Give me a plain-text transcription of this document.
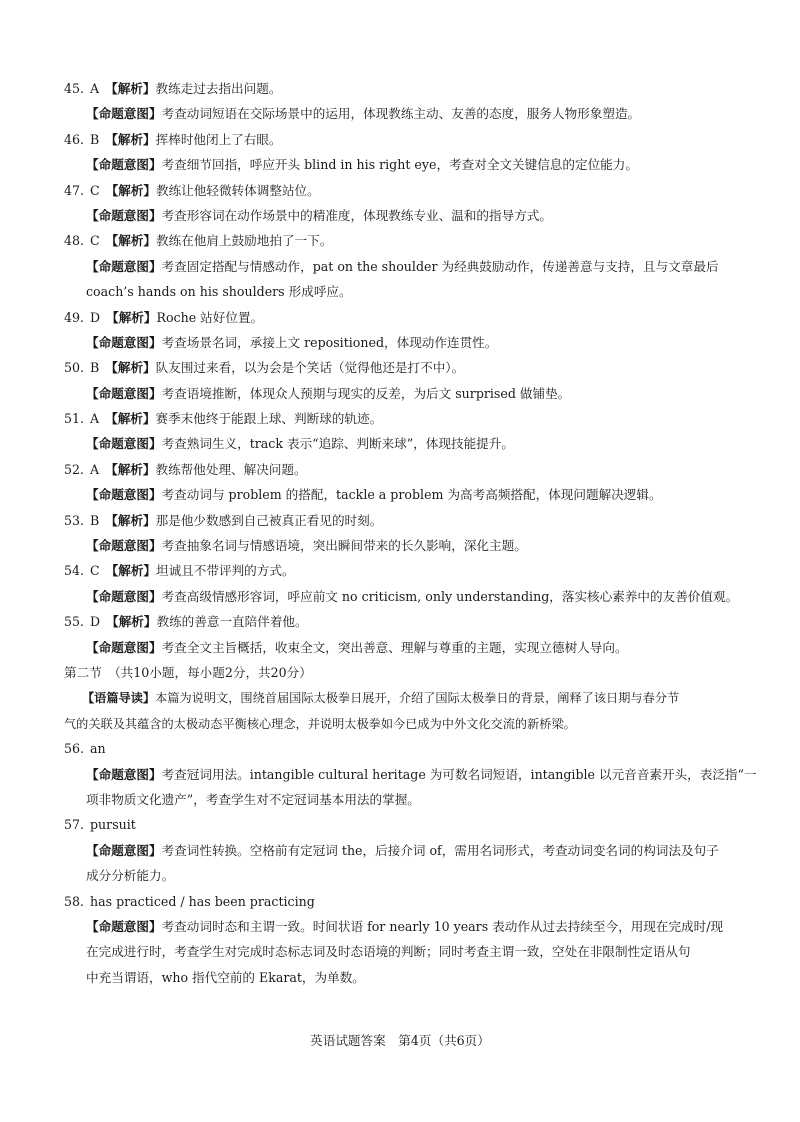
45. A 【解析】教练走过去指出问题。
【命题意图】考查动词短语在交际场景中的运用，体现教练主动、友善的态度，服务人物形象塑造。
46. B 【解析】挥棒时他闭上了右眼。
【命题意图】考查细节回指，呼应开头 blind in his right eye，考查对全文关键信息的定位能力。
47. C 【解析】教练让他轻微转体调整站位。
【命题意图】考查形容词在动作场景中的精准度，体现教练专业、温和的指导方式。
48. C 【解析】教练在他肩上鼓励地拍了一下。
【命题意图】考查固定搭配与情感动作，pat on the shoulder 为经典鼓励动作，传递善意与支持，且与文章最后
coach’s hands on his shoulders 形成呼应。
49. D 【解析】Roche 站好位置。
【命题意图】考查场景名词，承接上文 repositioned，体现动作连贯性。
50. B 【解析】队友围过来看，以为会是个笑话（觉得他还是打不中）。
【命题意图】考查语境推断，体现众人预期与现实的反差，为后文 surprised 做铺垫。
51. A 【解析】赛季末他终于能跟上球、判断球的轨迹。
【命题意图】考查熟词生义，track 表示“追踪、判断来球”，体现技能提升。
52. A 【解析】教练帮他处理、解决问题。
【命题意图】考查动词与 problem 的搭配，tackle a problem 为高考高频搭配，体现问题解决逻辑。
53. B 【解析】那是他少数感到自己被真正看见的时刻。
【命题意图】考查抽象名词与情感语境，突出瞬间带来的长久影响，深化主题。
54. C 【解析】坦诚且不带评判的方式。
【命题意图】考查高级情感形容词，呼应前文 no criticism, only understanding，落实核心素养中的友善价值观。
55. D 【解析】教练的善意一直陪伴着他。
【命题意图】考查全文主旨概括，收束全文，突出善意、理解与尊重的主题，实现立德树人导向。
第二节　（共10小题，每小题2分，共20分）
【语篇导读】本篇为说明文，围绕首届国际太极拳日展开，介绍了国际太极拳日的背景，阐释了该日期与春分节
气的关联及其蕴含的太极动态平衡核心理念，并说明太极拳如今已成为中外文化交流的新桥梁。
56. an
【命题意图】考查冠词用法。intangible cultural heritage 为可数名词短语，intangible 以元音音素开头，表泛指“一
项非物质文化遗产”，考查学生对不定冠词基本用法的掌握。
57. pursuit
【命题意图】考查词性转换。空格前有定冠词 the，后接介词 of，需用名词形式，考查动词变名词的构词法及句子
成分分析能力。
58. has practiced / has been practicing
【命题意图】考查动词时态和主谓一致。时间状语 for nearly 10 years 表动作从过去持续至今，用现在完成时/现
在完成进行时，考查学生对完成时态标志词及时态语境的判断；同时考查主谓一致，空处在非限制性定语从句
中充当谓语，who 指代空前的 Ekarat，为单数。
英语试题答案　第4页（共6页）
